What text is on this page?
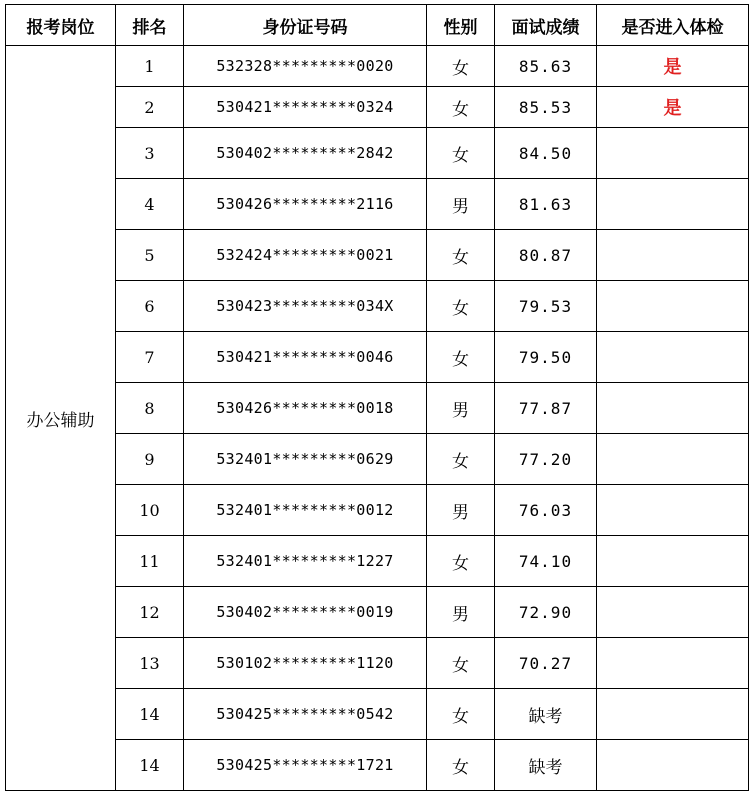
报考岗位	排名	身份证号码	性别	面试成绩	是否进入体检
办公辅助	1	532328*********0020	女	85.63	是
	2	530421*********0324	女	85.53	是
	3	530402*********2842	女	84.50	
	4	530426*********2116	男	81.63	
	5	532424*********0021	女	80.87	
	6	530423*********034X	女	79.53	
	7	530421*********0046	女	79.50	
	8	530426*********0018	男	77.87	
	9	532401*********0629	女	77.20	
	10	532401*********0012	男	76.03	
	11	532401*********1227	女	74.10	
	12	530402*********0019	男	72.90	
	13	530102*********1120	女	70.27	
	14	530425*********0542	女	缺考	
	14	530425*********1721	女	缺考	
